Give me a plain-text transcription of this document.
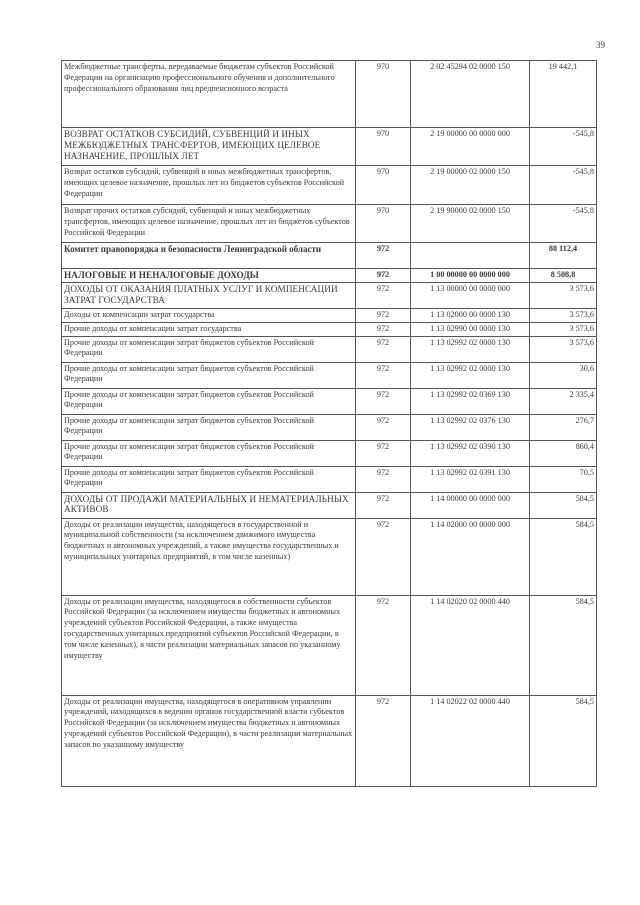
39
Межбюджетные трансферты, передаваемые бюджетам субъектов Российской Федерации на организацию профессионального обучения и дополнительного профессионального образования лиц предпенсионного возраста	970	2 02 45294 02 0000 150	19 442,1
ВОЗВРАТ ОСТАТКОВ СУБСИДИЙ, СУБВЕНЦИЙ И ИНЫХ МЕЖБЮДЖЕТНЫХ ТРАНСФЕРТОВ, ИМЕЮЩИХ ЦЕЛЕВОЕ НАЗНАЧЕНИЕ, ПРОШЛЫХ ЛЕТ	970	2 19 00000 00 0000 000	-545,8
Возврат остатков субсидий, субвенций и иных межбюджетных трансфертов, имеющих целевое назначение, прошлых лет из бюджетов субъектов Российской Федерации	970	2 19 00000 02 0000 150	-545,8
Возврат прочих остатков субсидий, субвенций и иных межбюджетных трансфертов, имеющих целевое назначение, прошлых лет из бюджетов субъектов Российской Федерации	970	2 19 90000 02 0000 150	-545,8
Комитет правопорядка и безопасности Ленинградской области	972		88 112,4
НАЛОГОВЫЕ И НЕНАЛОГОВЫЕ ДОХОДЫ	972	1 00 00000 00 0000 000	8 508,8
ДОХОДЫ ОТ ОКАЗАНИЯ ПЛАТНЫХ УСЛУГ И КОМПЕНСАЦИИ ЗАТРАТ ГОСУДАРСТВА	972	1 13 00000 00 0000 000	3 573,6
Доходы от компенсации затрат государства	972	1 13 02000 00 0000 130	3 573,6
Прочие доходы от компенсации затрат государства	972	1 13 02990 00 0000 130	3 573,6
Прочие доходы от компенсации затрат бюджетов субъектов Российской Федерации	972	1 13 02992 02 0000 130	3 573,6
Прочие доходы от компенсации затрат бюджетов субъектов Российской Федерации	972	1 13 02992 02 0000 130	30,6
Прочие доходы от компенсации затрат бюджетов субъектов Российской Федерации	972	1 13 02992 02 0369 130	2 335,4
Прочие доходы от компенсации затрат бюджетов субъектов Российской Федерации	972	1 13 02992 02 0376 130	276,7
Прочие доходы от компенсации затрат бюджетов субъектов Российской Федерации	972	1 13 02992 02 0390 130	860,4
Прочие доходы от компенсации затрат бюджетов субъектов Российской Федерации	972	1 13 02992 02 0391 130	70,5
ДОХОДЫ ОТ ПРОДАЖИ МАТЕРИАЛЬНЫХ И НЕМАТЕРИАЛЬНЫХ АКТИВОВ	972	1 14 00000 00 0000 000	584,5
Доходы от реализации имущества, находящегося в государственной и муниципальной собственности (за исключением движимого имущества бюджетных и автономных учреждений, а также имущества государственных и муниципальных унитарных предприятий, в том числе казенных)	972	1 14 02000 00 0000 000	584,5
Доходы от реализации имущества, находящегося в собственности субъектов Российской Федерации (за исключением имущества бюджетных и автономных учреждений субъектов Российской Федерации, а также имущества государственных унитарных предприятий субъектов Российской Федерации, в том числе казенных), в части реализации материальных запасов по указанному имуществу	972	1 14 02020 02 0000 440	584,5
Доходы от реализации имущества, находящегося в оперативном управлении учреждений, находящихся в ведении органов государственной власти субъектов Российской Федерации (за исключением имущества бюджетных и автономных учреждений субъектов Российской Федерации), в части реализации материальных запасов по указанному имуществу	972	1 14 02022 02 0000 440	584,5
